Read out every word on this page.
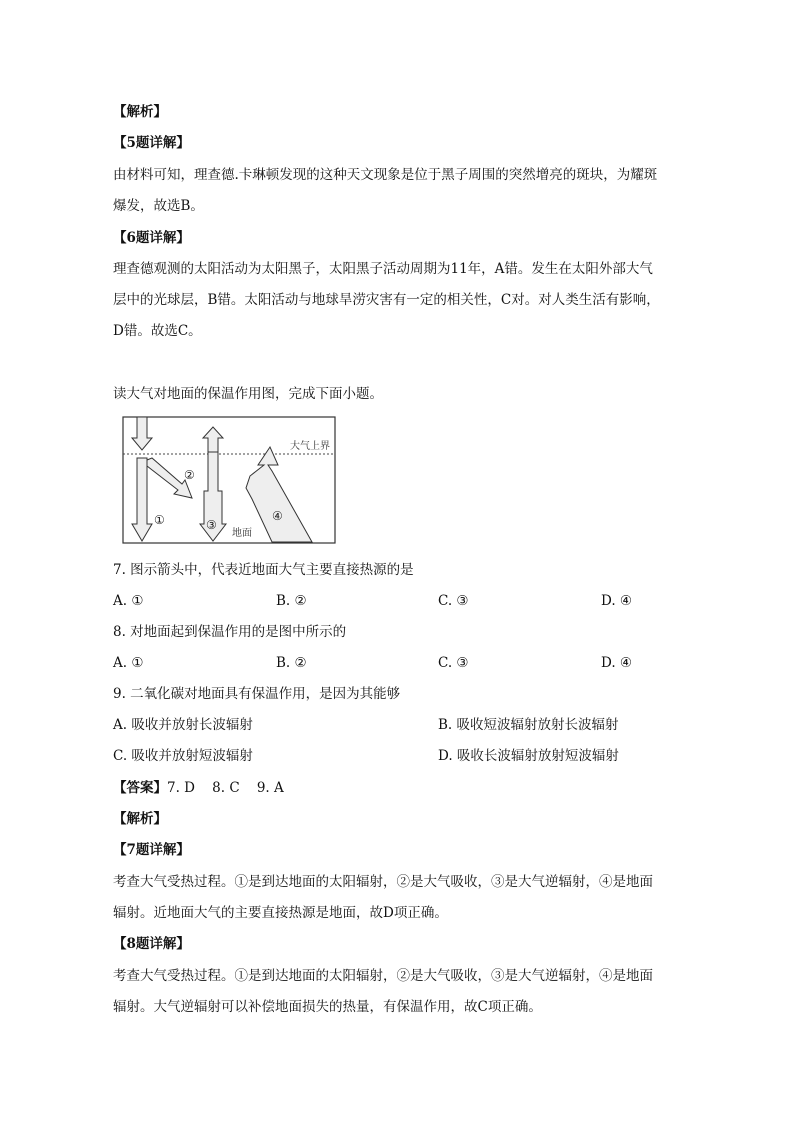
【解析】
【5题详解】
由材料可知，理查德.卡琳顿发现的这种天文现象是位于黑子周围的突然增亮的斑块，为耀斑
爆发，故选B。
【6题详解】
理查德观测的太阳活动为太阳黑子，太阳黑子活动周期为11年，A错。发生在太阳外部大气
层中的光球层，B错。太阳活动与地球旱涝灾害有一定的相关性，C对。对人类生活有影响，
D错。故选C。
读大气对地面的保温作用图，完成下面小题。
大气上界
①
②
③
地面
④
7. 图示箭头中，代表近地面大气主要直接热源的是
A. ①	B. ②	C. ③	D. ④
8. 对地面起到保温作用的是图中所示的
A. ①	B. ②	C. ③	D. ④
9. 二氧化碳对地面具有保温作用，是因为其能够
A. 吸收并放射长波辐射	B. 吸收短波辐射放射长波辐射
C. 吸收并放射短波辐射	D. 吸收长波辐射放射短波辐射
【答案】7. D    8. C    9. A
【解析】
【7题详解】
考查大气受热过程。①是到达地面的太阳辐射，②是大气吸收，③是大气逆辐射，④是地面
辐射。近地面大气的主要直接热源是地面，故D项正确。
【8题详解】
考查大气受热过程。①是到达地面的太阳辐射，②是大气吸收，③是大气逆辐射，④是地面
辐射。大气逆辐射可以补偿地面损失的热量，有保温作用，故C项正确。
